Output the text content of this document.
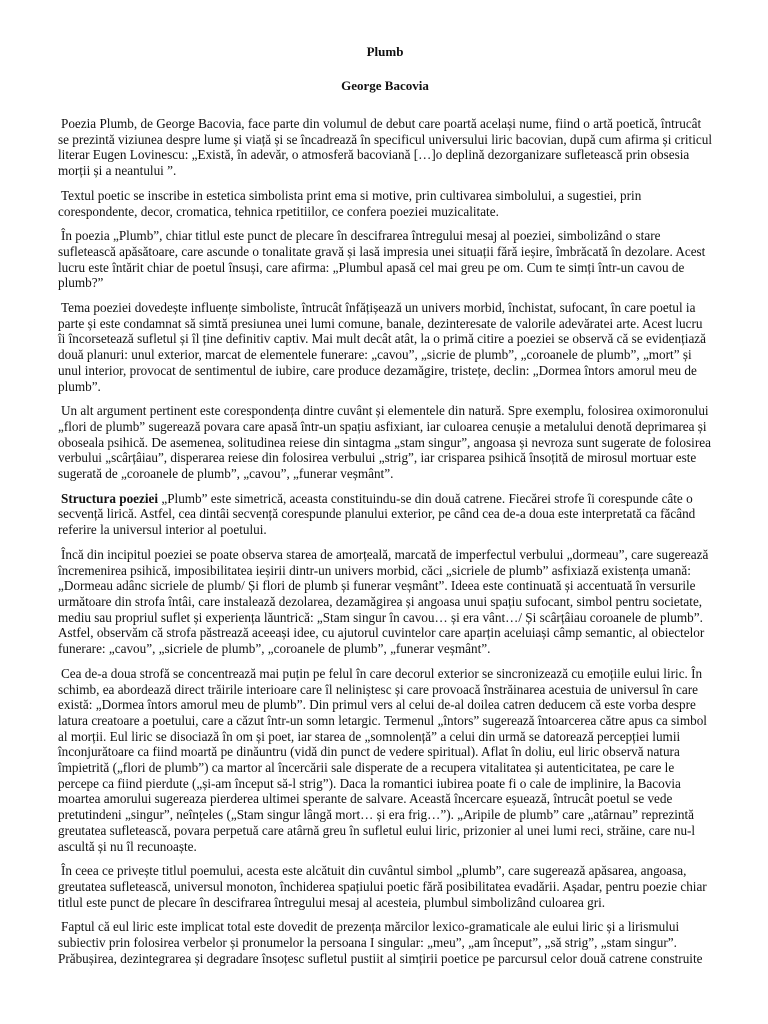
Plumb
George Bacovia

Poezia Plumb, de George Bacovia, face parte din volumul de debut care poartă același nume, fiind o artă poetică, întrucât se prezintă viziunea despre lume și viață și se încadrează în specificul universului liric bacovian, după cum afirma și criticul literar Eugen Lovinescu: „Există, în adevăr, o atmosferă bacoviană […]o deplină dezorganizare sufletească prin obsesia morții și a neantului ”.

Textul poetic se inscribe in estetica simbolista print ema si motive, prin cultivarea simbolului, a sugestiei, prin corespondente, decor, cromatica, tehnica rpetitiilor, ce confera poeziei muzicalitate.

În poezia „Plumb”, chiar titlul este punct de plecare în descifrarea întregului mesaj al poeziei, simbolizând o stare sufletească apăsătoare, care ascunde o tonalitate gravă și lasă impresia unei situații fără ieșire, îmbrăcată în dezolare. Acest lucru este întărit chiar de poetul însuși, care afirma: „Plumbul apasă cel mai greu pe om. Cum te simți într-un cavou de plumb?”

Tema poeziei dovedește influențe simboliste, întrucât înfățișează un univers morbid, închistat, sufocant, în care poetul ia parte și este condamnat să simtă presiunea unei lumi comune, banale, dezinteresate de valorile adevăratei arte. Acest lucru îi încorsetează sufletul și îl ține definitiv captiv. Mai mult decât atât, la o primă citire a poeziei se observă că se evidențiază două planuri: unul exterior, marcat de elementele funerare: „cavou”, „sicrie de plumb”, „coroanele de plumb”, „mort” și unul interior, provocat de sentimentul de iubire, care produce dezamăgire, tristețe, declin: „Dormea întors amorul meu de plumb”.

Un alt argument pertinent este corespondența dintre cuvânt și elementele din natură. Spre exemplu, folosirea oximoronului „flori de plumb” sugerează povara care apasă într-un spațiu asfixiant, iar culoarea cenușie a metalului denotă deprimarea și oboseala psihică. De asemenea, solitudinea reiese din sintagma „stam singur”, angoasa și nevroza sunt sugerate de folosirea verbului „scârțâiau”, disperarea reiese din folosirea verbului „strig”, iar crisparea psihică însoțită de mirosul mortuar este sugerată de „coroanele de plumb”, „cavou”, „funerar veșmânt”.

Structura poeziei „Plumb” este simetrică, aceasta constituindu-se din două catrene. Fiecărei strofe îi corespunde câte o secvență lirică. Astfel, cea dintâi secvență corespunde planului exterior, pe când cea de-a doua este interpretată ca făcând referire la universul interior al poetului.

Încă din incipitul poeziei se poate observa starea de amorțeală, marcată de imperfectul verbului „dormeau”, care sugerează încremenirea psihică, imposibilitatea ieșirii dintr-un univers morbid, căci „sicriele de plumb” asfixiază existența umană: „Dormeau adânc sicriele de plumb/ Și flori de plumb și funerar veșmânt”. Ideea este continuată și accentuată în versurile următoare din strofa întâi, care instalează dezolarea, dezamăgirea și angoasa unui spațiu sufocant, simbol pentru societate, mediu sau propriul suflet și experiența lăuntrică: „Stam singur în cavou… și era vânt…/ Și scârțâiau coroanele de plumb”. Astfel, observăm că strofa păstrează aceeași idee, cu ajutorul cuvintelor care aparțin aceluiași câmp semantic, al obiectelor funerare: „cavou”, „sicriele de plumb”, „coroanele de plumb”, „funerar veșmânt”.

Cea de-a doua strofă se concentrează mai puțin pe felul în care decorul exterior se sincronizează cu emoțiile eului liric. În schimb, ea abordează direct trăirile interioare care îl neliniștesc și care provoacă înstrăinarea acestuia de universul în care există: „Dormea întors amorul meu de plumb”. Din primul vers al celui de-al doilea catren deducem că este vorba despre latura creatoare a poetului, care a căzut într-un somn letargic. Termenul „întors” sugerează întoarcerea către apus ca simbol al morții. Eul liric se disociază în om și poet, iar starea de „somnolență” a celui din urmă se datorează percepției lumii înconjurătoare ca fiind moartă pe dinăuntru (vidă din punct de vedere spiritual). Aflat în doliu, eul liric observă natura împietrită („flori de plumb”) ca martor al încercării sale disperate de a recupera vitalitatea și autenticitatea, pe care le percepe ca fiind pierdute („și-am început să-l strig”). Daca la romantici iubirea poate fi o cale de implinire, la Bacovia moartea amorului sugereaza pierderea ultimei sperante de salvare. Această încercare eșuează, întrucât poetul se vede pretutindeni „singur”, neînțeles („Stam singur lângă mort… și era frig…”). „Aripile de plumb” care „atârnau” reprezintă greutatea sufletească, povara perpetuă care atârnă greu în sufletul eului liric, prizonier al unei lumi reci, străine, care nu-l ascultă și nu îl recunoaște.

În ceea ce privește titlul poemului, acesta este alcătuit din cuvântul simbol „plumb”, care sugerează apăsarea, angoasa, greutatea sufletească, universul monoton, închiderea spațiului poetic fără posibilitatea evadării. Așadar, pentru poezie chiar titlul este punct de plecare în descifrarea întregului mesaj al acesteia, plumbul simbolizând culoarea gri.

Faptul că eul liric este implicat total este dovedit de prezența mărcilor lexico-gramaticale ale eului liric și a lirismului subiectiv prin folosirea verbelor și pronumelor la persoana I singular: „meu”, „am început”, „să strig”, „stam singur”. Prăbușirea, dezintegrarea și degradare însoțesc sufletul pustiit al simțirii poetice pe parcursul celor două catrene construite
